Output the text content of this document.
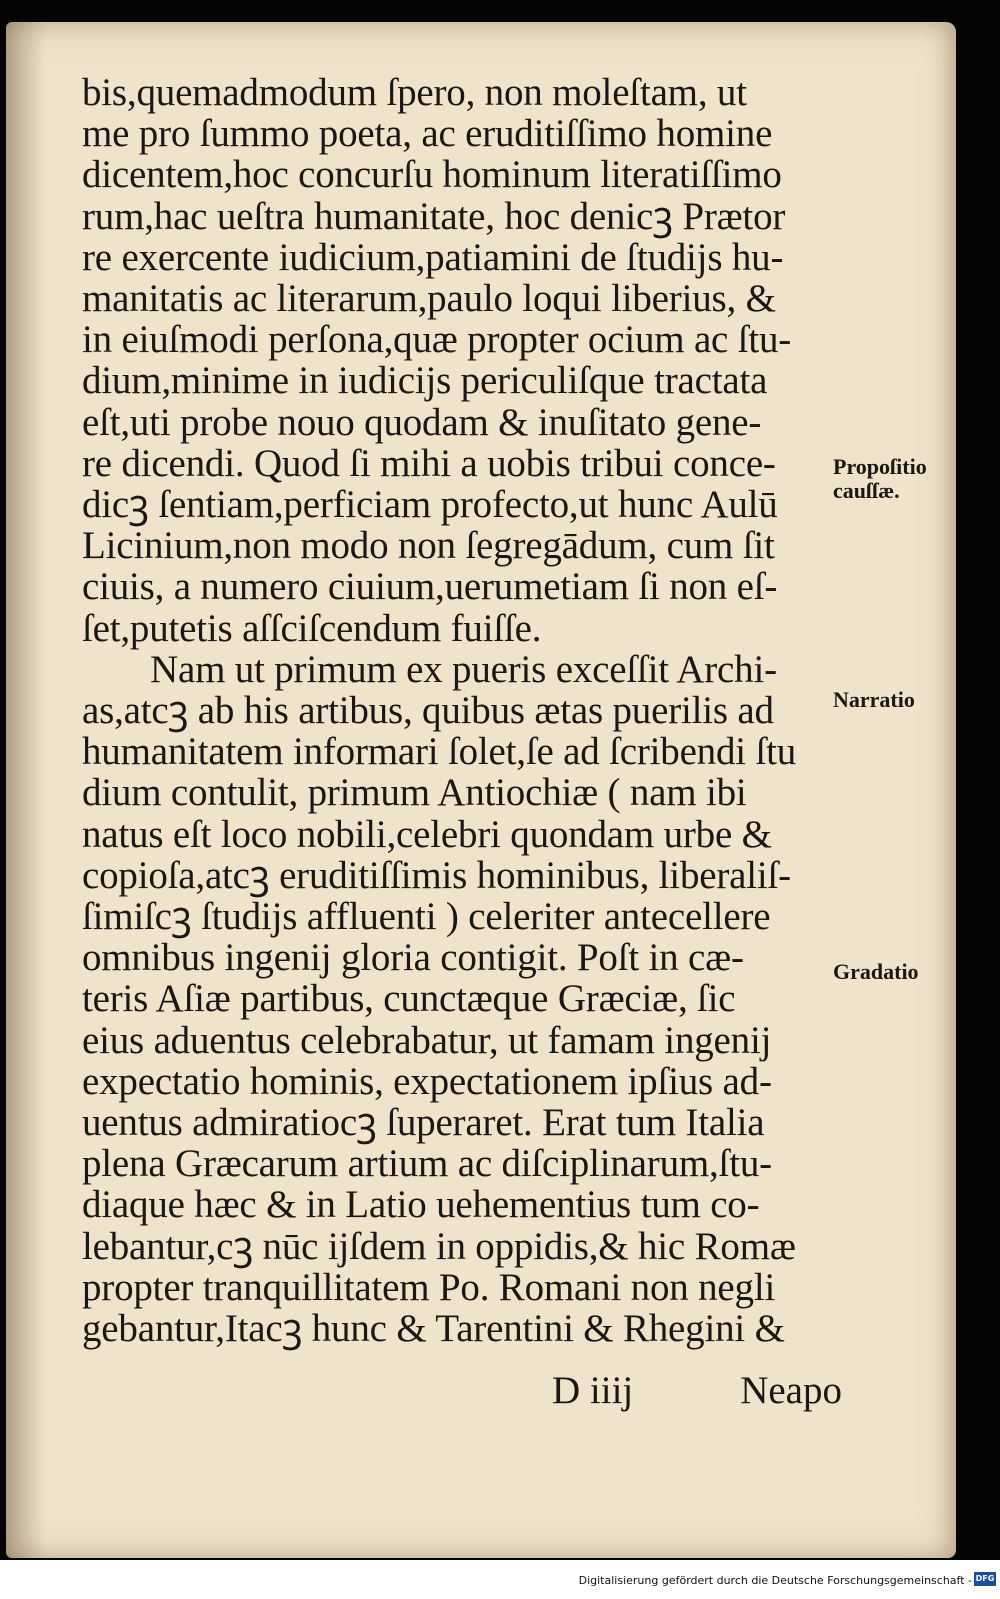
bis,quemadmodum ſpero, non moleſtam, ut
me pro ſummo poeta, ac eruditiſſimo homine
dicentem,hoc concurſu hominum literatiſſimo
rum,hac ueſtra humanitate, hoc denicꝫ Prætor
re exercente iudicium,patiamini de ſtudijs hu-
manitatis ac literarum,paulo loqui liberius, &
in eiuſmodi perſona,quæ propter ocium ac ſtu-
dium,minime in iudicijs periculiſque tractata
eſt,uti probe nouo quodam & inuſitato gene-
re dicendi. Quod ſi mihi a uobis tribui conce-
dicꝫ ſentiam,perficiam profecto,ut hunc Aulū
Licinium,non modo non ſegregādum, cum ſit
ciuis, a numero ciuium,uerumetiam ſi non eſ-
ſet,putetis aſſciſcendum fuiſſe.
Nam ut primum ex pueris exceſſit Archi-
as,atcꝫ ab his artibus, quibus ætas puerilis ad
humanitatem informari ſolet,ſe ad ſcribendi ſtu
dium contulit, primum Antiochiæ ( nam ibi
natus eſt loco nobili,celebri quondam urbe &
copioſa,atcꝫ eruditiſſimis hominibus, liberaliſ-
ſimiſcꝫ ſtudijs affluenti ) celeriter antecellere
omnibus ingenij gloria contigit. Poſt in cæ-
teris Aſiæ partibus, cunctæque Græciæ, ſic
eius aduentus celebrabatur, ut famam ingenij
expectatio hominis, expectationem ipſius ad-
uentus admiratiocꝫ ſuperaret. Erat tum Italia
plena Græcarum artium ac diſciplinarum,ſtu-
diaque hæc & in Latio uehementius tum co-
lebantur,cꝫ nūc ijſdem in oppidis,& hic Romæ
propter tranquillitatem Po. Romani non negli
gebantur,Itacꝫ hunc & Tarentini & Rhegini &
D iiij	Neapo
Propoſitio
cauſſæ.
Narratio
Gradatio
Digitalisierung gefördert durch die Deutsche Forschungsgemeinschaft - DFG
